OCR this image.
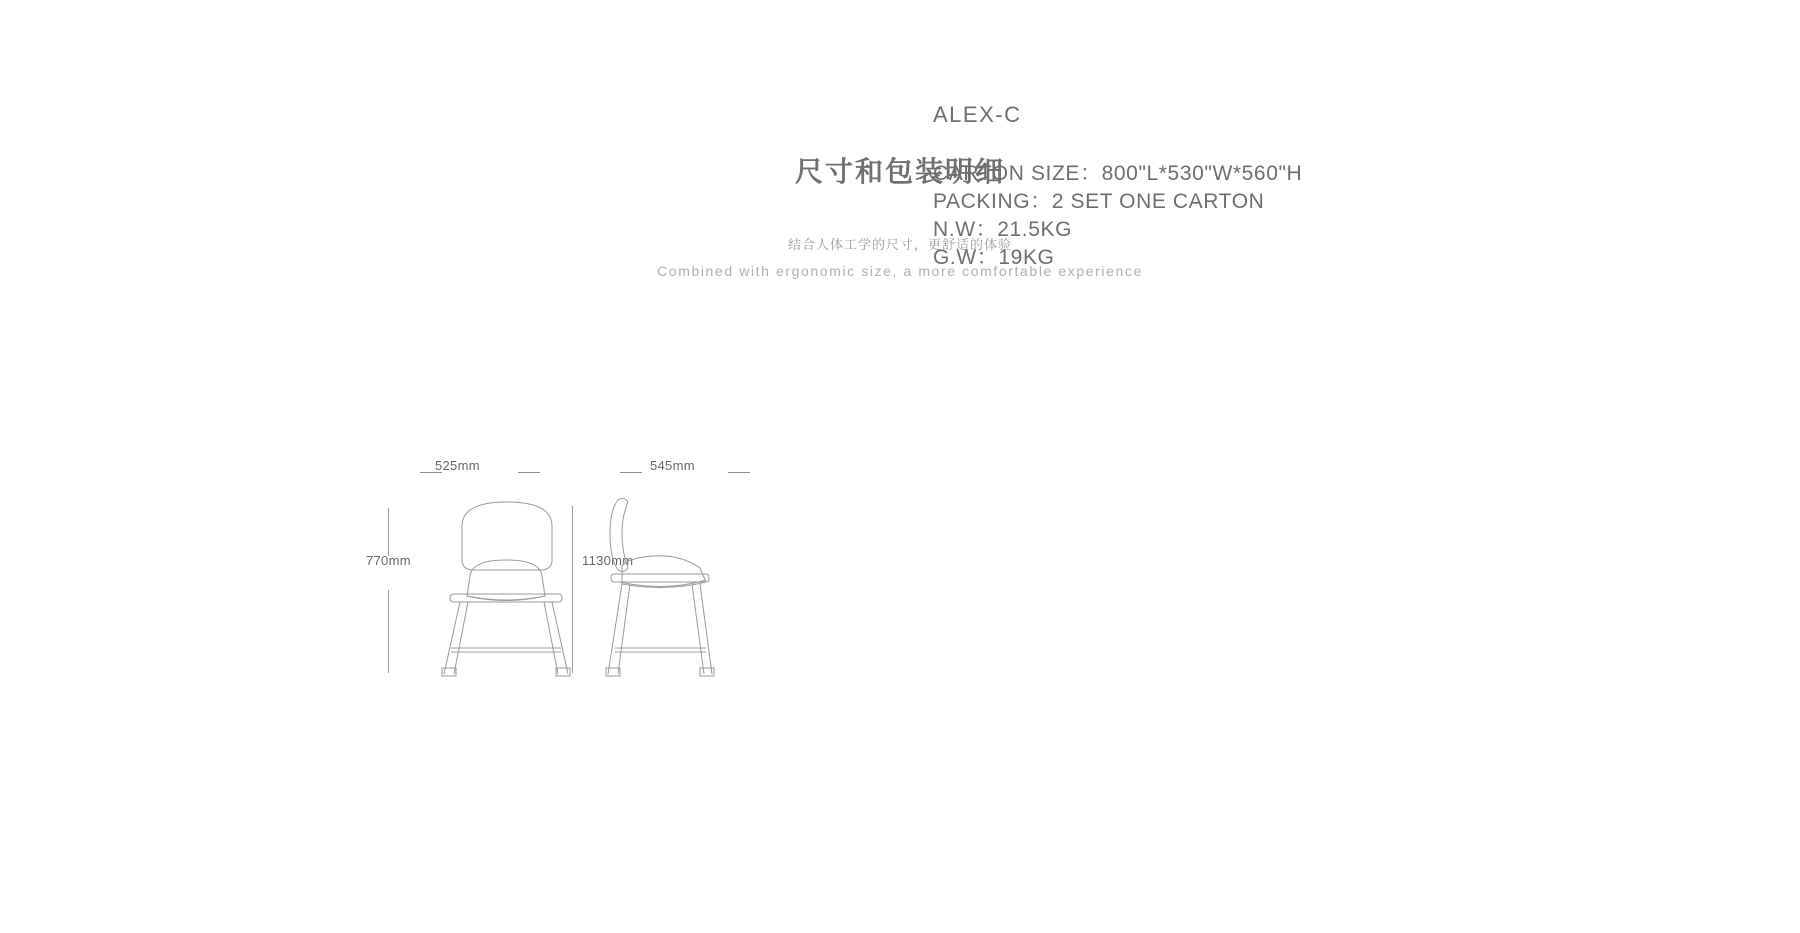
尺寸和包装明细
结合人体工学的尺寸，更舒适的体验
Combined with ergonomic size, a more comfortable experience
525mm
770mm
545mm
1130mm
ALEX-C
CARTON SIZE：800"L*530"W*560"H
PACKING：2 SET ONE CARTON
N.W：21.5KG
G.W：19KG
